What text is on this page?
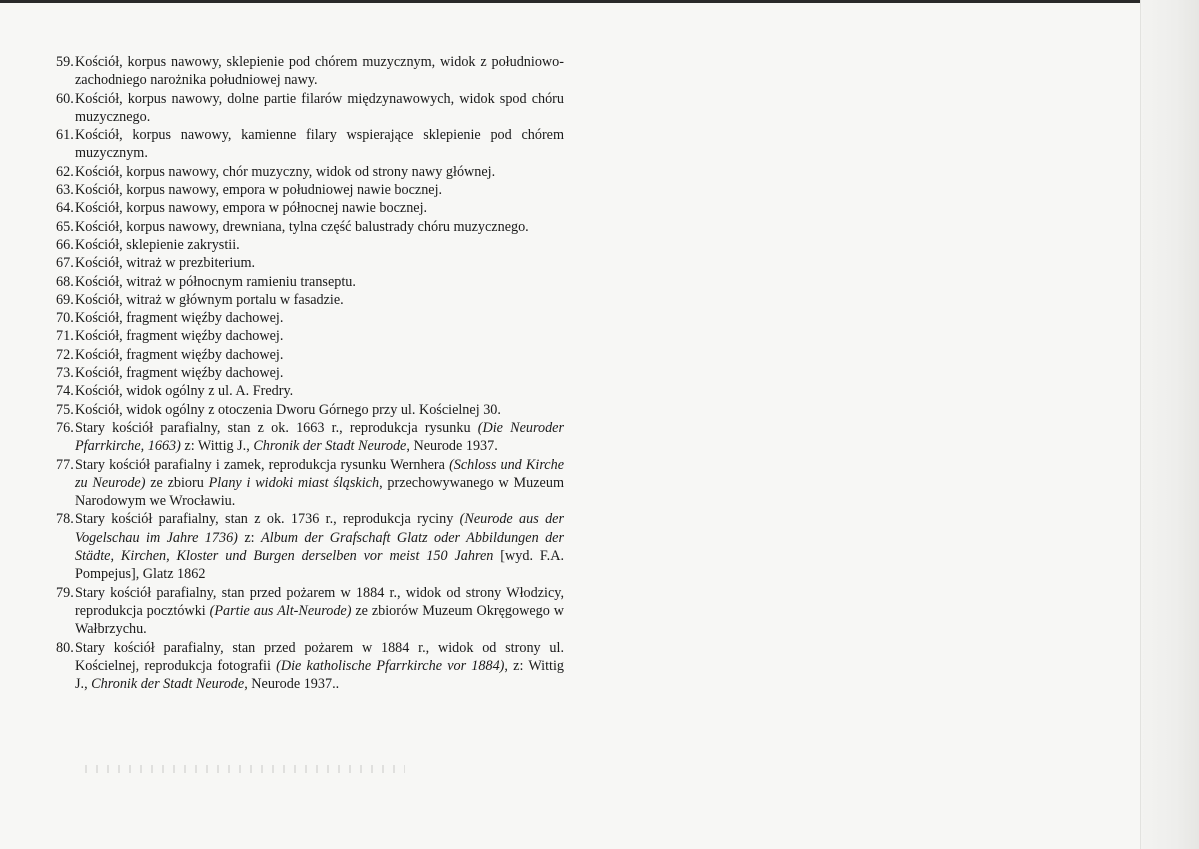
59. Kościół, korpus nawowy, sklepienie pod chórem muzycznym, widok z południowo-zachodniego narożnika południowej nawy.
60. Kościół, korpus nawowy, dolne partie filarów międzynawowych, widok spod chóru muzycznego.
61. Kościół, korpus nawowy, kamienne filary wspierające sklepienie pod chórem muzycznym.
62. Kościół, korpus nawowy, chór muzyczny, widok od strony nawy głównej.
63. Kościół, korpus nawowy, empora w południowej nawie bocznej.
64. Kościół, korpus nawowy, empora w północnej nawie bocznej.
65. Kościół, korpus nawowy, drewniana, tylna część balustrady chóru muzycznego.
66. Kościół, sklepienie zakrystii.
67. Kościół, witraż w prezbiterium.
68. Kościół, witraż w północnym ramieniu transeptu.
69. Kościół, witraż w głównym portalu w fasadzie.
70. Kościół, fragment więźby dachowej.
71. Kościół, fragment więźby dachowej.
72. Kościół, fragment więźby dachowej.
73. Kościół, fragment więźby dachowej.
74. Kościół, widok ogólny z ul. A. Fredry.
75. Kościół, widok ogólny z otoczenia Dworu Górnego przy ul. Kościelnej 30.
76. Stary kościół parafialny, stan z ok. 1663 r., reprodukcja rysunku (Die Neuroder Pfarrkirche, 1663) z: Wittig J., Chronik der Stadt Neurode, Neurode 1937.
77. Stary kościół parafialny i zamek, reprodukcja rysunku Wernhera (Schloss und Kirche zu Neurode) ze zbioru Plany i widoki miast śląskich, przechowywanego w Muzeum Narodowym we Wrocławiu.
78. Stary kościół parafialny, stan z ok. 1736 r., reprodukcja ryciny (Neurode aus der Vogelschau im Jahre 1736) z: Album der Grafschaft Glatz oder Abbildungen der Städte, Kirchen, Kloster und Burgen derselben vor meist 150 Jahren [wyd. F.A. Pompejus], Glatz 1862
79. Stary kościół parafialny, stan przed pożarem w 1884 r., widok od strony Włodzicy, reprodukcja pocztówki (Partie aus Alt-Neurode) ze zbiorów Muzeum Okręgowego w Wałbrzychu.
80. Stary kościół parafialny, stan przed pożarem w 1884 r., widok od strony ul. Kościelnej, reprodukcja fotografii (Die katholische Pfarrkirche vor 1884), z: Wittig J., Chronik der Stadt Neurode, Neurode 1937..
